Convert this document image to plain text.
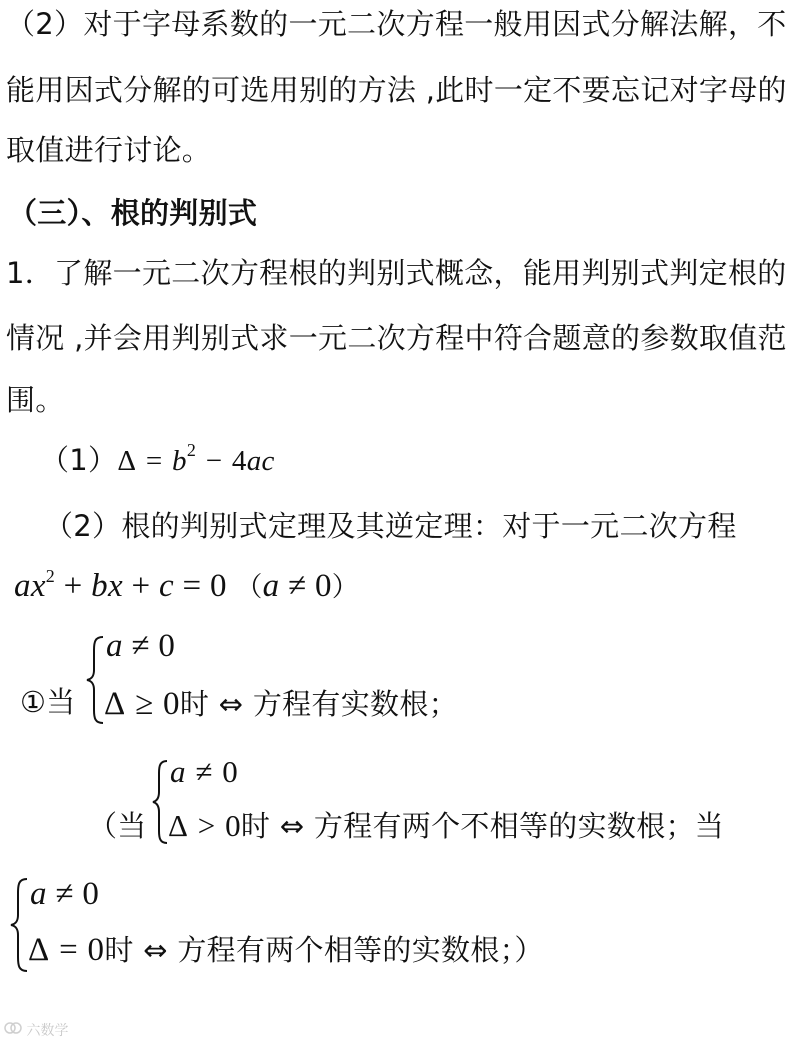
（2）对于字母系数的一元二次方程一般用因式分解法解，不
能用因式分解的可选用别的方法 ,此时一定不要忘记对字母的
取值进行讨论。
（三）、根的判别式
1．了解一元二次方程根的判别式概念，能用判别式判定根的
情况 ,并会用判别式求一元二次方程中符合题意的参数取值范
围。
$(1)\Delta = b^2 - 4ac$
（2）根的判别式定理及其逆定理：对于一元二次方程
$ax^2$ + bx + c = 0 （a ≠ 0）
①当
a ≠ 0
Δ ≥ 0时 ⇔ 方程有实数根；
（当
a ≠ 0
Δ > 0时 ⇔ 方程有两个不相等的实数根；当
a ≠ 0
Δ = 0时 ⇔ 方程有两个相等的实数根；）
六数学
